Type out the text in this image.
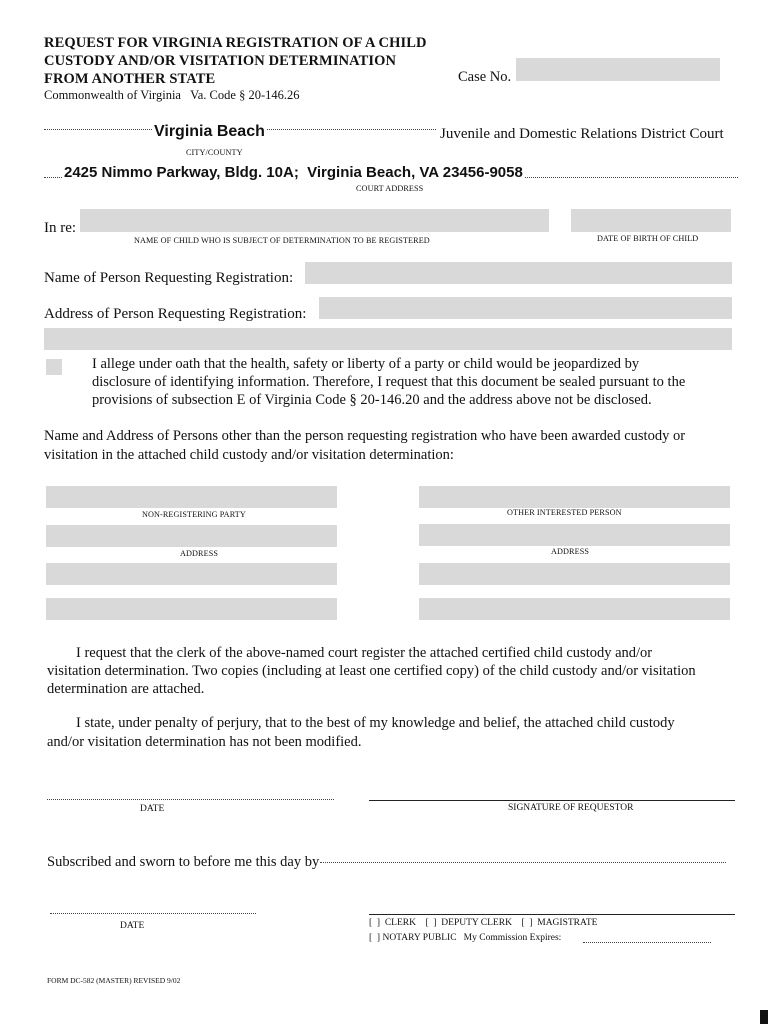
REQUEST FOR VIRGINIA REGISTRATION OF A CHILD
CUSTODY AND/OR VISITATION DETERMINATION
FROM ANOTHER STATE
Commonwealth of Virginia   Va. Code § 20-146.26
Case No.
Virginia Beach	Juvenile and Domestic Relations District Court
CITY/COUNTY
2425 Nimmo Parkway, Bldg. 10A;  Virginia Beach, VA 23456-9058
COURT ADDRESS
In re:
NAME OF CHILD WHO IS SUBJECT OF DETERMINATION TO BE REGISTERED	DATE OF BIRTH OF CHILD
Name of Person Requesting Registration:
Address of Person Requesting Registration:
I allege under oath that the health, safety or liberty of a party or child would be jeopardized by
disclosure of identifying information. Therefore, I request that this document be sealed pursuant to the
provisions of subsection E of Virginia Code § 20-146.20 and the address above not be disclosed.
Name and Address of Persons other than the person requesting registration who have been awarded custody or
visitation in the attached child custody and/or visitation determination:
NON-REGISTERING PARTY	OTHER INTERESTED PERSON
ADDRESS	ADDRESS
I request that the clerk of the above-named court register the attached certified child custody and/or
visitation determination. Two copies (including at least one certified copy) of the child custody and/or visitation
determination are attached.
I state, under penalty of perjury, that to the best of my knowledge and belief, the attached child custody
and/or visitation determination has not been modified.
DATE	SIGNATURE OF REQUESTOR
Subscribed and sworn to before me this day by
DATE	[  ]  CLERK    [  ]  DEPUTY CLERK    [  ]  MAGISTRATE
[  ] NOTARY PUBLIC   My Commission Expires:
FORM DC-582 (MASTER) REVISED 9/02
